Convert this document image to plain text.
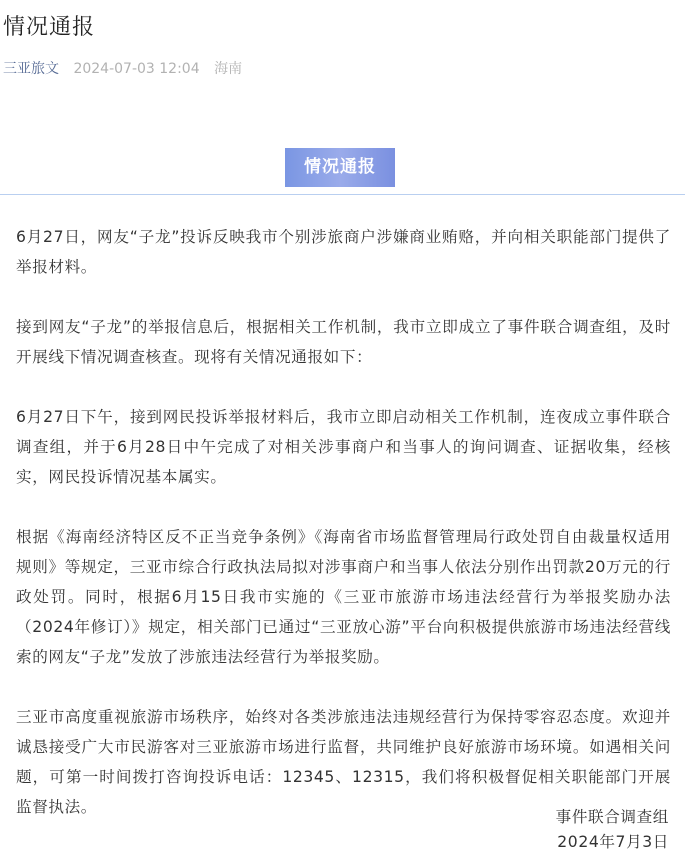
情况通报
三亚旅文 2024-07-03 12:04 海南
情况通报

6月27日，网友“子龙”投诉反映我市个别涉旅商户涉嫌商业贿赂，并向相关职能部门提供了举报材料。

接到网友“子龙”的举报信息后，根据相关工作机制，我市立即成立了事件联合调查组，及时开展线下情况调查核查。现将有关情况通报如下：

6月27日下午，接到网民投诉举报材料后，我市立即启动相关工作机制，连夜成立事件联合调查组，并于6月28日中午完成了对相关涉事商户和当事人的询问调查、证据收集，经核实，网民投诉情况基本属实。

根据《海南经济特区反不正当竞争条例》《海南省市场监督管理局行政处罚自由裁量权适用规则》等规定，三亚市综合行政执法局拟对涉事商户和当事人依法分别作出罚款20万元的行政处罚。同时，根据6月15日我市实施的《三亚市旅游市场违法经营行为举报奖励办法（2024年修订）》规定，相关部门已通过“三亚放心游”平台向积极提供旅游市场违法经营线索的网友“子龙”发放了涉旅违法经营行为举报奖励。

三亚市高度重视旅游市场秩序，始终对各类涉旅违法违规经营行为保持零容忍态度。欢迎并诚恳接受广大市民游客对三亚旅游市场进行监督，共同维护良好旅游市场环境。如遇相关问题，可第一时间拨打咨询投诉电话：12345、12315，我们将积极督促相关职能部门开展监督执法。

事件联合调查组
2024年7月3日
